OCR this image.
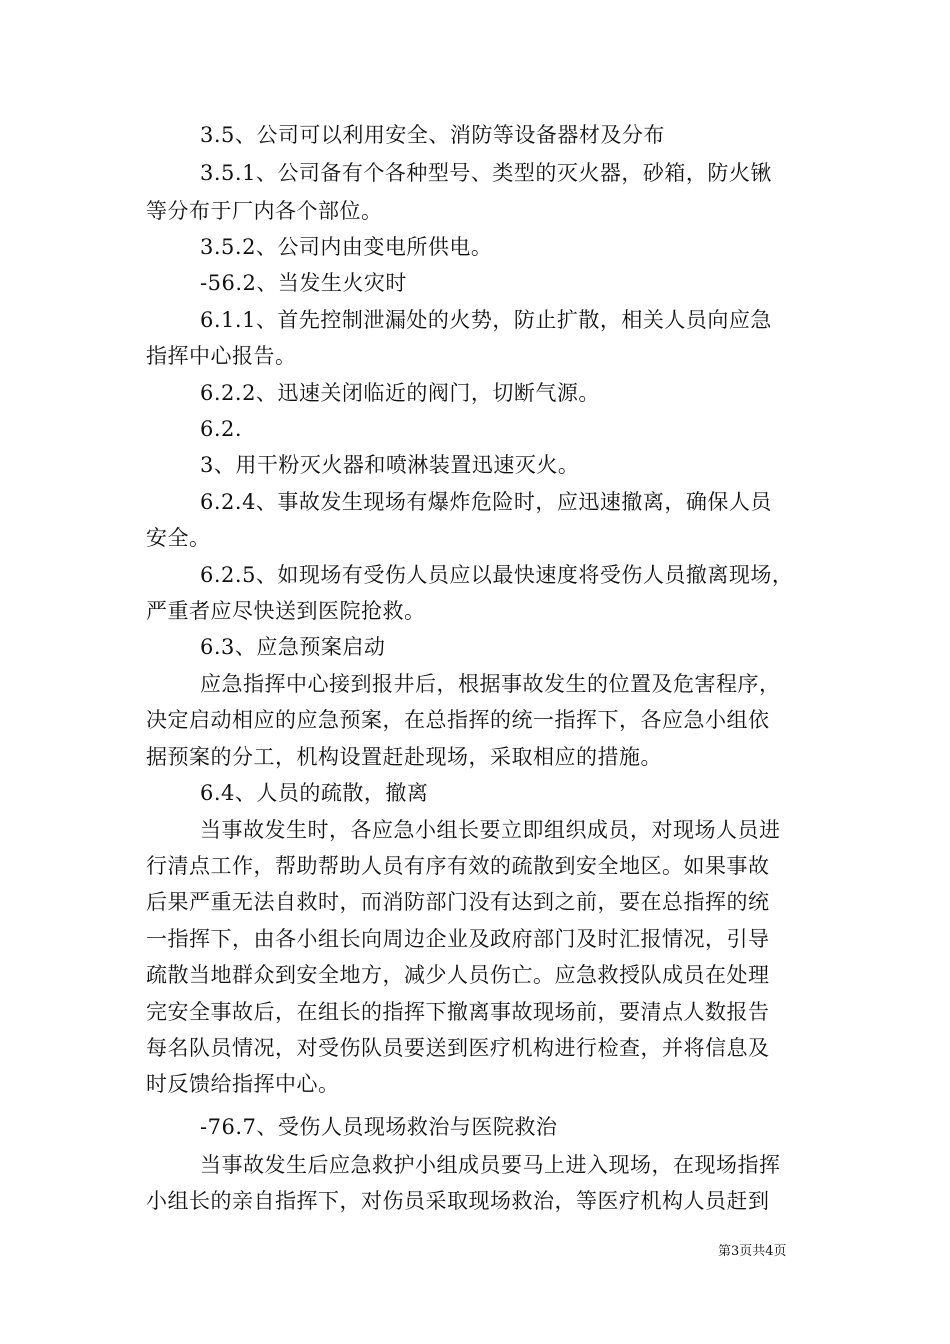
3.5、公司可以利用安全、消防等设备器材及分布
3.5.1、公司备有个各种型号、类型的灭火器，砂箱，防火锹
等分布于厂内各个部位。
3.5.2、公司内由变电所供电。
-56.2、当发生火灾时
6.1.1、首先控制泄漏处的火势，防止扩散，相关人员向应急
指挥中心报告。
6.2.2、迅速关闭临近的阀门，切断气源。
6.2.
3、用干粉灭火器和喷淋装置迅速灭火。
6.2.4、事故发生现场有爆炸危险时，应迅速撤离，确保人员
安全。
6.2.5、如现场有受伤人员应以最快速度将受伤人员撤离现场，
严重者应尽快送到医院抢救。
6.3、应急预案启动
应急指挥中心接到报井后，根据事故发生的位置及危害程序，
决定启动相应的应急预案，在总指挥的统一指挥下，各应急小组依
据预案的分工，机构设置赶赴现场，采取相应的措施。
6.4、人员的疏散，撤离
当事故发生时，各应急小组长要立即组织成员，对现场人员进
行清点工作，帮助帮助人员有序有效的疏散到安全地区。如果事故
后果严重无法自救时，而消防部门没有达到之前，要在总指挥的统
一指挥下，由各小组长向周边企业及政府部门及时汇报情况，引导
疏散当地群众到安全地方，减少人员伤亡。应急救授队成员在处理
完安全事故后，在组长的指挥下撤离事故现场前，要清点人数报告
每名队员情况，对受伤队员要送到医疗机构进行检查，并将信息及
时反馈给指挥中心。
-76.7、受伤人员现场救治与医院救治
当事故发生后应急救护小组成员要马上进入现场，在现场指挥
小组长的亲自指挥下，对伤员采取现场救治，等医疗机构人员赶到
第3页共4页
